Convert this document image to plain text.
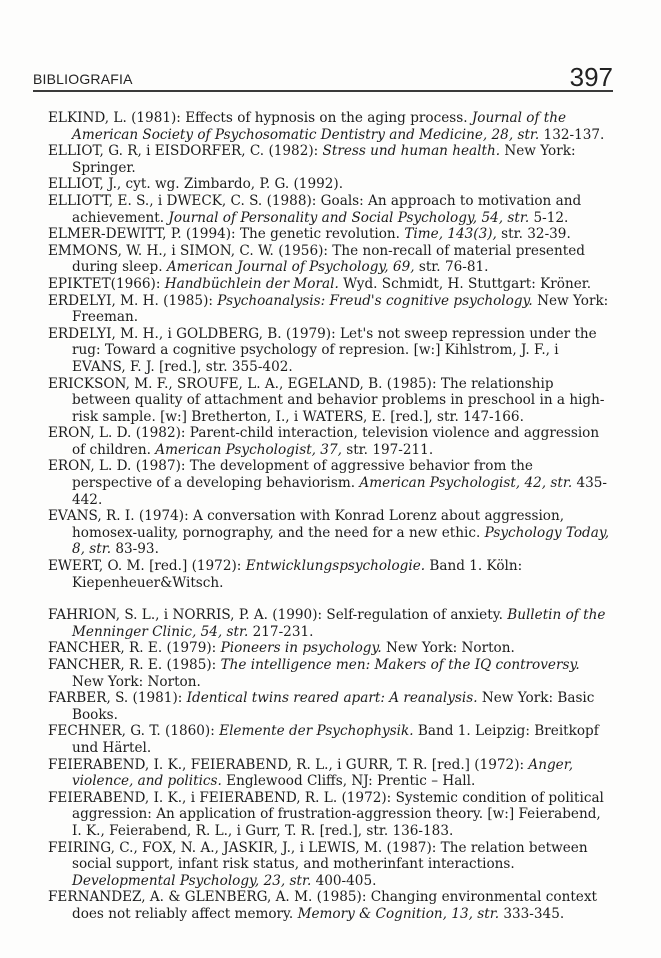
BIBLIOGRAFIA	397

ELKIND, L. (1981): Effects of hypnosis on the aging process. Journal of the American Society of Psychosomatic Dentistry and Medicine, 28, str. 132-137.

ELLIOT, G. R, i EISDORFER, C. (1982): Stress und human health. New York: Springer.

ELLIOT, J., cyt. wg. Zimbardo, P. G. (1992).

ELLIOTT, E. S., i DWECK, C. S. (1988): Goals: An approach to motivation and achievement. Journal of Personality and Social Psychology, 54, str. 5-12.

ELMER-DEWITT, P. (1994): The genetic revolution. Time, 143(3), str. 32-39.

EMMONS, W. H., i SIMON, C. W. (1956): The non-recall of material presented during sleep. American Journal of Psychology, 69, str. 76-81.

EPIKTET(1966): Handbüchlein der Moral. Wyd. Schmidt, H. Stuttgart: Kröner.

ERDELYI, M. H. (1985): Psychoanalysis: Freud's cognitive psychology. New York: Freeman.

ERDELYI, M. H., i GOLDBERG, B. (1979): Let's not sweep repression under the rug: Toward a cognitive psychology of represion. [w:] Kihlstrom, J. F., i EVANS, F. J. [red.], str. 355-402.

ERICKSON, M. F., SROUFE, L. A., EGELAND, B. (1985): The relationship between quality of attachment and behavior problems in preschool in a high-risk sample. [w:] Bretherton, I., i WATERS, E. [red.], str. 147-166.

ERON, L. D. (1982): Parent-child interaction, television violence and aggression of children. American Psychologist, 37, str. 197-211.

ERON, L. D. (1987): The development of aggressive behavior from the perspective of a developing behaviorism. American Psychologist, 42, str. 435-442.

EVANS, R. I. (1974): A conversation with Konrad Lorenz about aggression, homosex-uality, pornography, and the need for a new ethic. Psychology Today, 8, str. 83-93.

EWERT, O. M. [red.] (1972): Entwicklungspsychologie. Band 1. Köln: Kiepenheuer&Witsch.

FAHRION, S. L., i NORRIS, P. A. (1990): Self-regulation of anxiety. Bulletin of the Menninger Clinic, 54, str. 217-231.

FANCHER, R. E. (1979): Pioneers in psychology. New York: Norton.

FANCHER, R. E. (1985): The intelligence men: Makers of the IQ controversy. New York: Norton.

FARBER, S. (1981): Identical twins reared apart: A reanalysis. New York: Basic Books.

FECHNER, G. T. (1860): Elemente der Psychophysik. Band 1. Leipzig: Breitkopf und Härtel.

FEIERABEND, I. K., FEIERABEND, R. L., i GURR, T. R. [red.] (1972): Anger, violence, and politics. Englewood Cliffs, NJ: Prentic – Hall.

FEIERABEND, I. K., i FEIERABEND, R. L. (1972): Systemic condition of political aggression: An application of frustration-aggression theory. [w:] Feierabend, I. K., Feierabend, R. L., i Gurr, T. R. [red.], str. 136-183.

FEIRING, C., FOX, N. A., JASKIR, J., i LEWIS, M. (1987): The relation between social support, infant risk status, and motherinfant interactions. Developmental Psychology, 23, str. 400-405.

FERNANDEZ, A. & GLENBERG, A. M. (1985): Changing environmental context does not reliably affect memory. Memory & Cognition, 13, str. 333-345.
